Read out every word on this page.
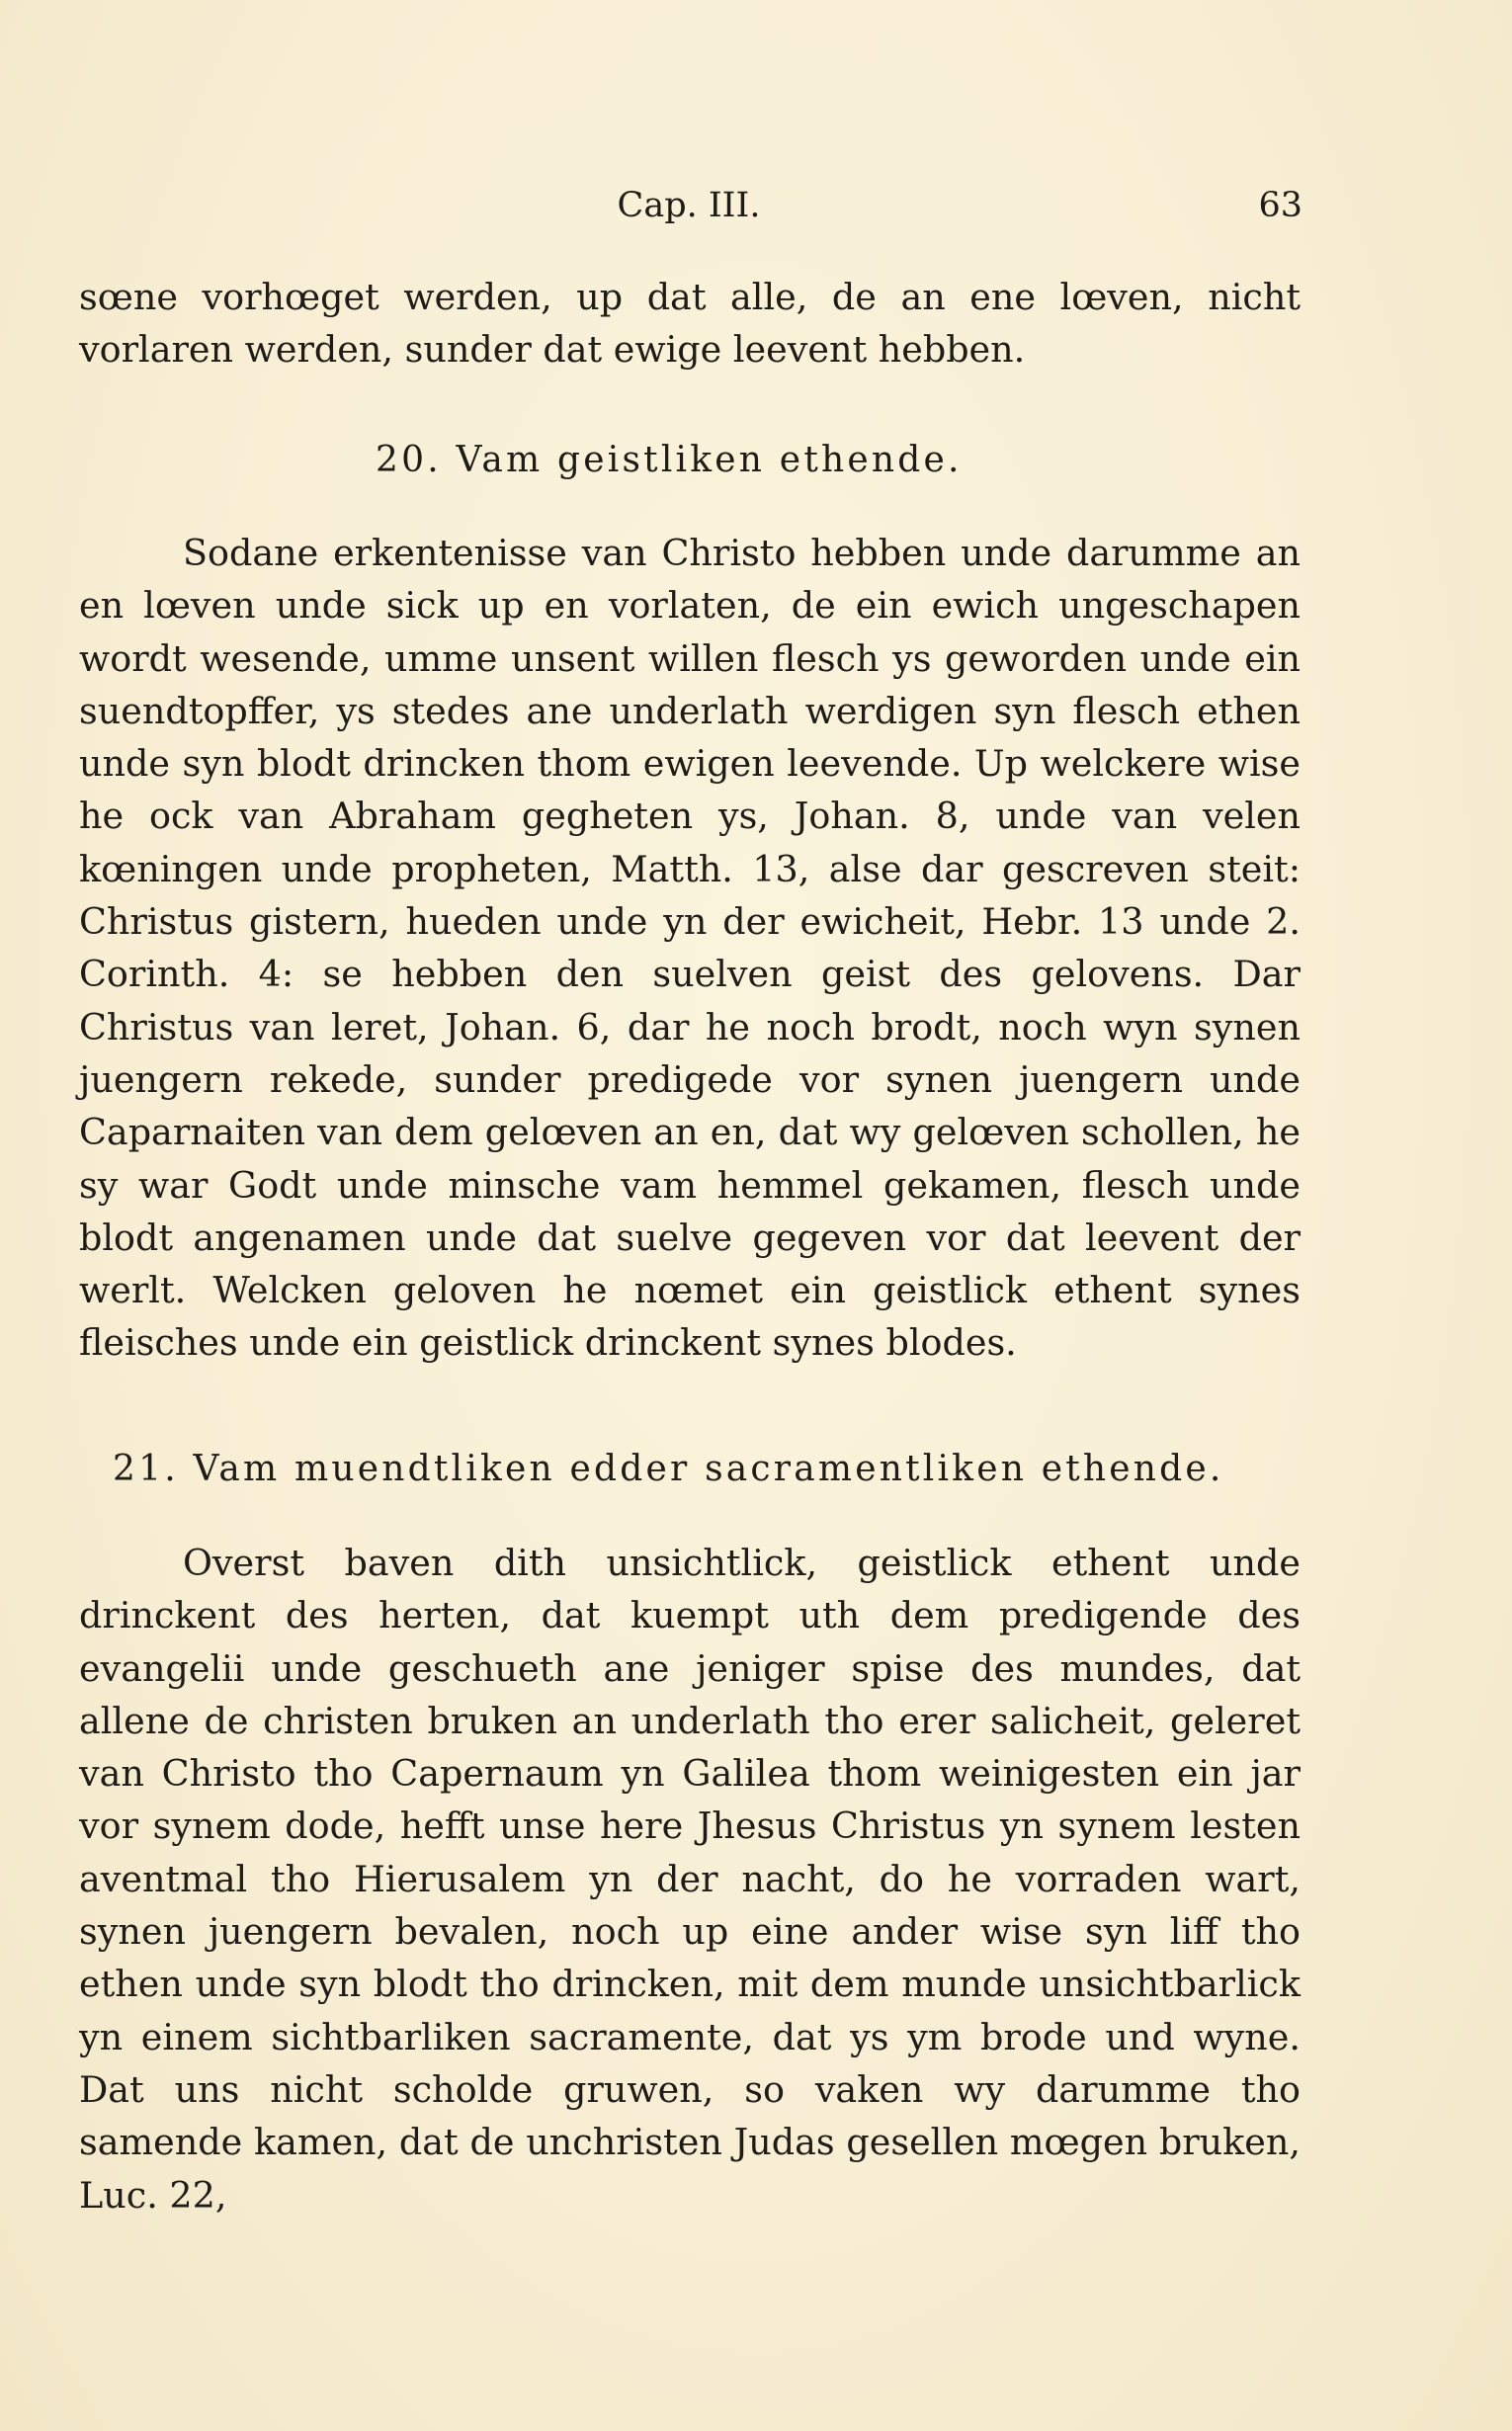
Cap. III.	63

sœne vorhœget werden, up dat alle, de an ene lœven, nicht vorlaren werden, sunder dat ewige leevent hebben.

20. Vam geistliken ethende.

Sodane erkentenisse van Christo hebben unde darumme an en lœven unde sick up en vorlaten, de ein ewich ungeschapen wordt wesende, umme unsent willen flesch ys geworden unde ein suendtopffer, ys stedes ane underlath werdigen syn flesch ethen unde syn blodt drincken thom ewigen leevende. Up welckere wise he ock van Abraham gegheten ys, Johan. 8, unde van velen kœningen unde propheten, Matth. 13, alse dar gescreven steit: Christus gistern, hueden unde yn der ewicheit, Hebr. 13 unde 2. Corinth. 4: se hebben den suelven geist des gelovens. Dar Christus van leret, Johan. 6, dar he noch brodt, noch wyn synen juengern rekede, sunder predigede vor synen juengern unde Caparnaiten van dem gelœven an en, dat wy gelœven schollen, he sy war Godt unde minsche vam hemmel gekamen, flesch unde blodt angenamen unde dat suelve gegeven vor dat leevent der werlt. Welcken geloven he nœmet ein geistlick ethent synes fleisches unde ein geistlick drinckent synes blodes.

21. Vam muendtliken edder sacramentliken ethende.

Overst baven dith unsichtlick, geistlick ethent unde drinckent des herten, dat kuempt uth dem predigende des evangelii unde geschueth ane jeniger spise des mundes, dat allene de christen bruken an underlath tho erer salicheit, geleret van Christo tho Capernaum yn Galilea thom weinigesten ein jar vor synem dode, hefft unse here Jhesus Christus yn synem lesten aventmal tho Hierusalem yn der nacht, do he vorraden wart, synen juengern bevalen, noch up eine ander wise syn liff tho ethen unde syn blodt tho drincken, mit dem munde unsichtbarlick yn einem sichtbarliken sacramente, dat ys ym brode und wyne. Dat uns nicht scholde gruwen, so vaken wy darumme tho samende kamen, dat de unchristen Judas gesellen mœgen bruken, Luc. 22,
